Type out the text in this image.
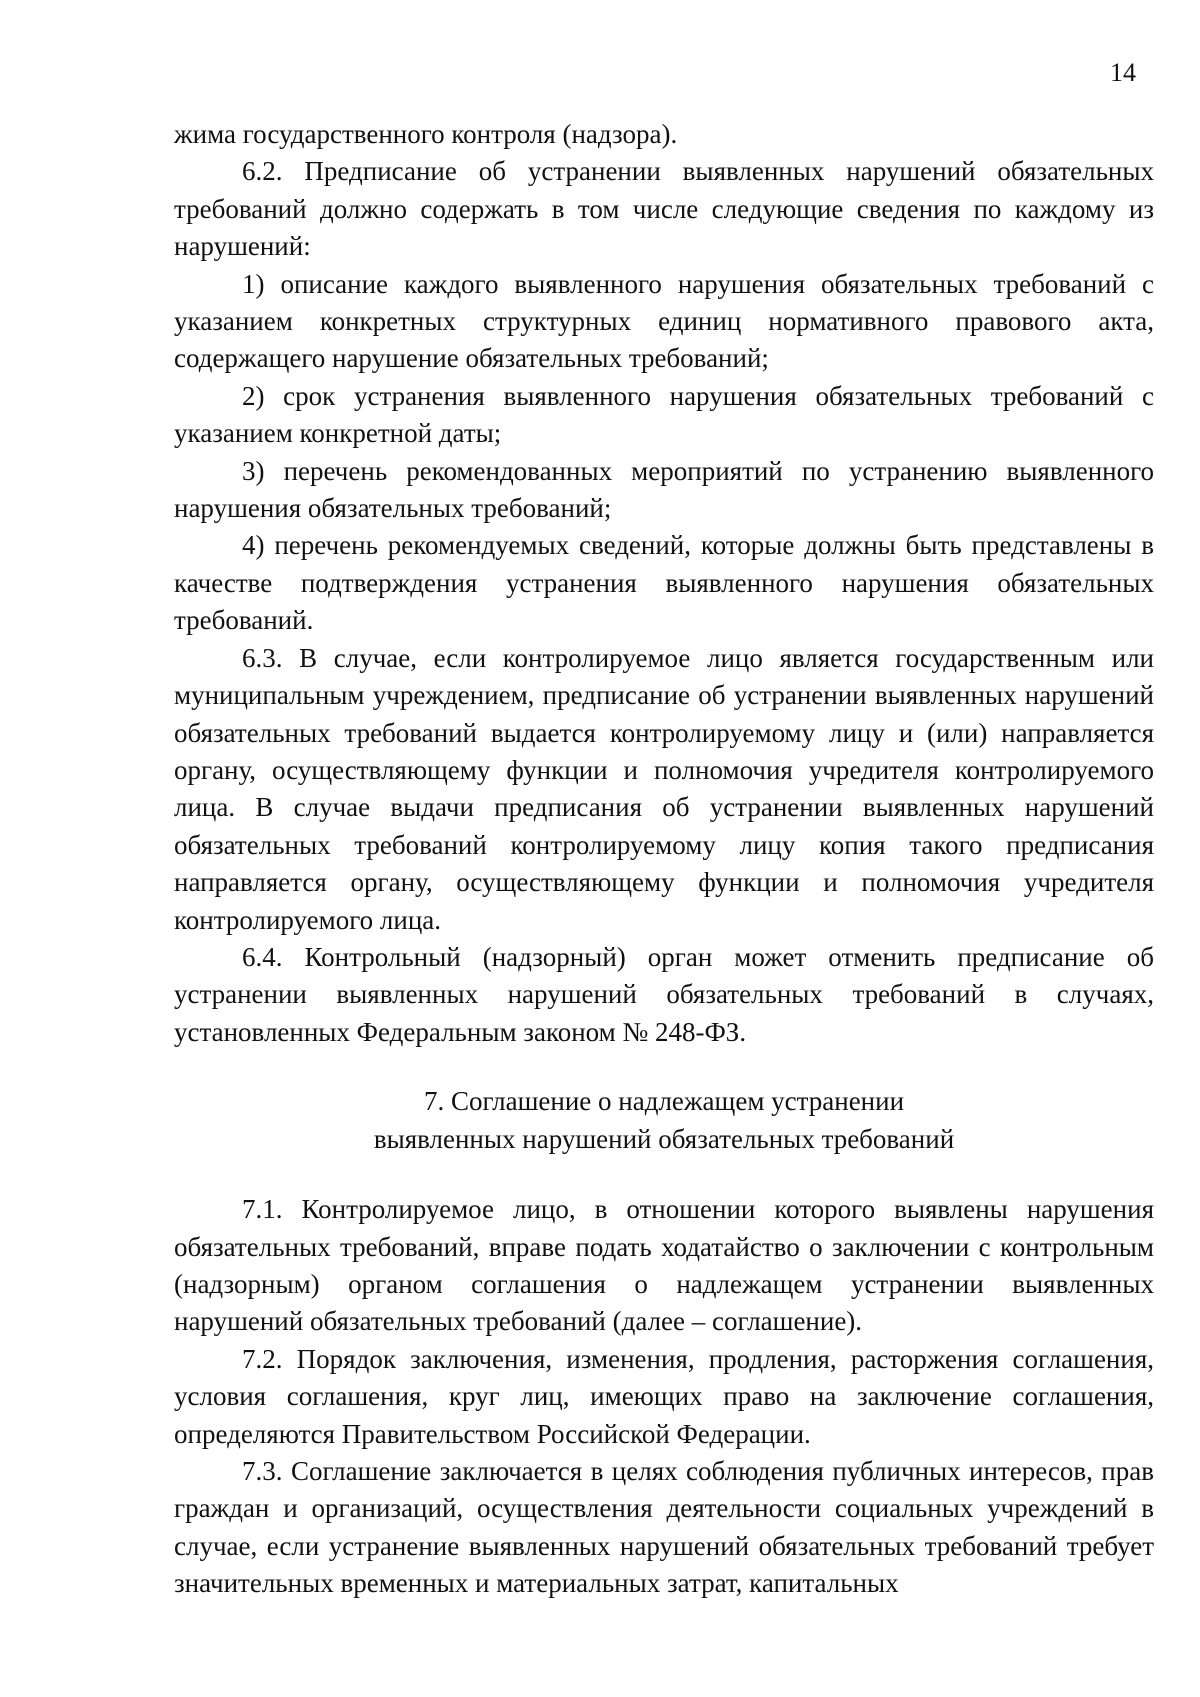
14

жима государственного контроля (надзора).

6.2. Предписание об устранении выявленных нарушений обязательных требований должно содержать в том числе следующие сведения по каждому из нарушений:

1) описание каждого выявленного нарушения обязательных требований с указанием конкретных структурных единиц нормативного правового акта, содержащего нарушение обязательных требований;

2) срок устранения выявленного нарушения обязательных требований с указанием конкретной даты;

3) перечень рекомендованных мероприятий по устранению выявленного нарушения обязательных требований;

4) перечень рекомендуемых сведений, которые должны быть представлены в качестве подтверждения устранения выявленного нарушения обязательных требований.

6.3. В случае, если контролируемое лицо является государственным или муниципальным учреждением, предписание об устранении выявленных нарушений обязательных требований выдается контролируемому лицу и (или) направляется органу, осуществляющему функции и полномочия учредителя контролируемого лица. В случае выдачи предписания об устранении выявленных нарушений обязательных требований контролируемому лицу копия такого предписания направляется органу, осуществляющему функции и полномочия учредителя контролируемого лица.

6.4. Контрольный (надзорный) орган может отменить предписание об устранении выявленных нарушений обязательных требований в случаях, установленных Федеральным законом № 248-ФЗ.

7. Соглашение о надлежащем устранении
выявленных нарушений обязательных требований

7.1. Контролируемое лицо, в отношении которого выявлены нарушения обязательных требований, вправе подать ходатайство о заключении с контрольным (надзорным) органом соглашения о надлежащем устранении выявленных нарушений обязательных требований (далее – соглашение).

7.2. Порядок заключения, изменения, продления, расторжения соглашения, условия соглашения, круг лиц, имеющих право на заключение соглашения, определяются Правительством Российской Федерации.

7.3. Соглашение заключается в целях соблюдения публичных интересов, прав граждан и организаций, осуществления деятельности социальных учреждений в случае, если устранение выявленных нарушений обязательных требований требует значительных временных и материальных затрат, капитальных
